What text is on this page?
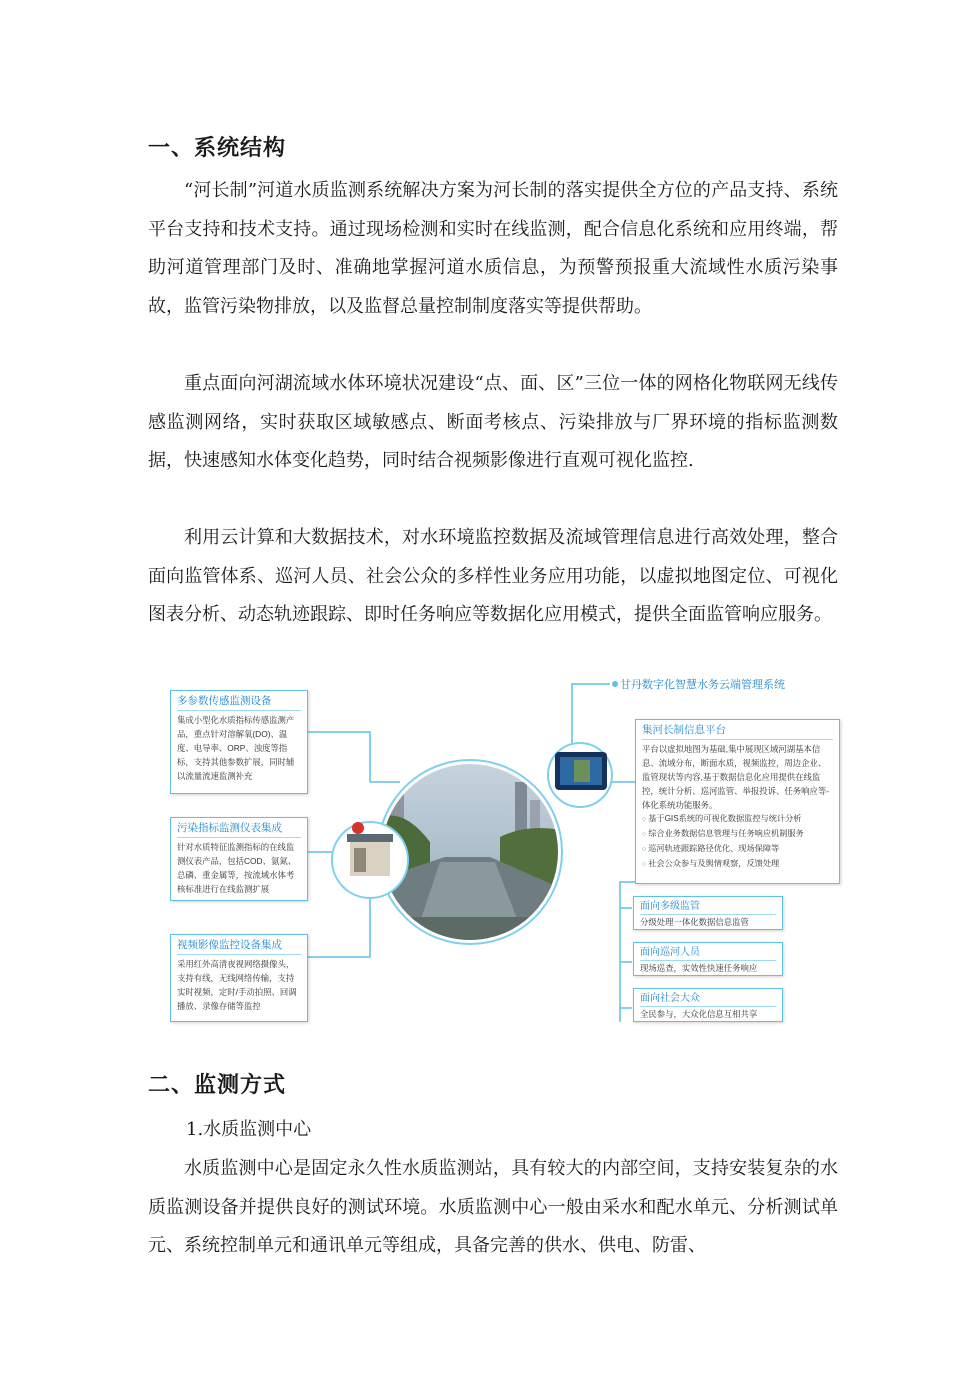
一、系统结构

“河长制”河道水质监测系统解决方案为河长制的落实提供全方位的产品支持、系统平台支持和技术支持。通过现场检测和实时在线监测，配合信息化系统和应用终端，帮助河道管理部门及时、准确地掌握河道水质信息，为预警预报重大流域性水质污染事故，监管污染物排放，以及监督总量控制制度落实等提供帮助。

重点面向河湖流域水体环境状况建设“点、面、区”三位一体的网格化物联网无线传感监测网络，实时获取区域敏感点、断面考核点、污染排放与厂界环境的指标监测数据，快速感知水体变化趋势，同时结合视频影像进行直观可视化监控.

利用云计算和大数据技术，对水环境监控数据及流域管理信息进行高效处理，整合面向监管体系、巡河人员、社会公众的多样性业务应用功能，以虚拟地图定位、可视化图表分析、动态轨迹跟踪、即时任务响应等数据化应用模式，提供全面监管响应服务。

甘丹数字化智慧水务云端管理系统
多参数传感监测设备
集成小型化水质指标传感监测产品，重点针对溶解氧(DO)、温度、电导率、ORP、浊度等指标，支持其他参数扩展，同时辅以流量流速监测补充
污染指标监测仪表集成
针对水质特征监测指标的在线监测仪表产品，包括COD、氨氮、总磷、重金属等，按流域水体考核标准进行在线监测扩展
视频影像监控设备集成
采用红外高清夜视网络摄像头，支持有线，无线网络传输，支持实时视频，定时/手动拍照、回调播放、录像存储等监控
集河长制信息平台
平台以虚拟地图为基础,集中展现区域河湖基本信息、流域分布，断面水质，视频监控，周边企业、监管现状等内容,基于数据信息化应用提供在线监控，统计分析、巡河监管、举报投诉、任务响应等-体化系统功能服务。
○ 基于GIS系统的可视化数据监控与统计分析
○ 综合业务数据信息管理与任务响应机制服务
○ 巡河轨迹跟踪路径优化、现场保障等
○ 社会公众参与及舆情观察，反馈处理
面向多级监管
分级处理一体化数据信息监管
面向巡河人员
现场巡查，实效性快速任务响应
面向社会大众
全民参与，大众化信息互相共享
二、监测方式
1.水质监测中心

水质监测中心是固定永久性水质监测站，具有较大的内部空间，支持安装复杂的水质监测设备并提供良好的测试环境。水质监测中心一般由采水和配水单元、分析测试单元、系统控制单元和通讯单元等组成，具备完善的供水、供电、防雷、
